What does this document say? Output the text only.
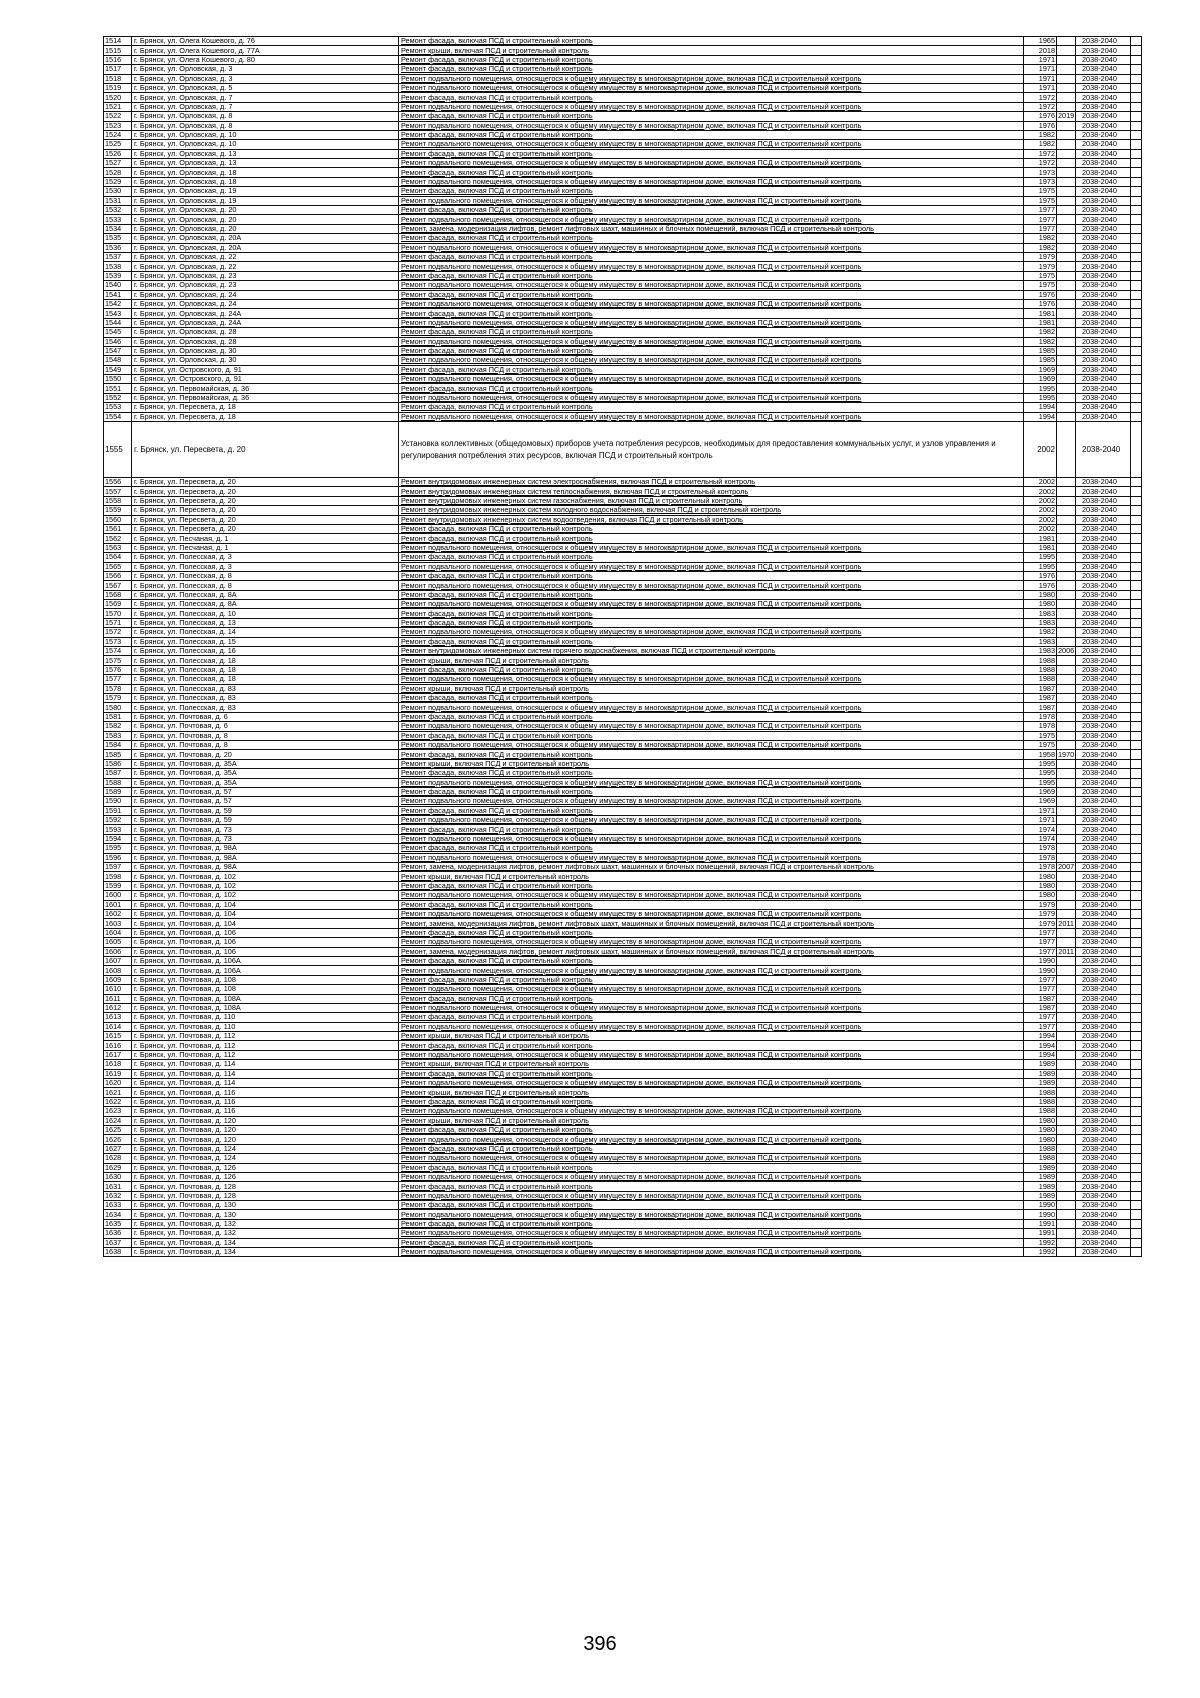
1514	г. Брянск, ул. Олега Кошевого, д. 76	Ремонт фасада, включая ПСД и строительный контроль	1965		2038-2040	
1515	г. Брянск, ул. Олега Кошевого, д. 77А	Ремонт крыши, включая ПСД и строительный контроль	2018		2038-2040	
1516	г. Брянск, ул. Олега Кошевого, д. 80	Ремонт фасада, включая ПСД и строительный контроль	1971		2038-2040	
1517	г. Брянск, ул. Орловская, д. 3	Ремонт фасада, включая ПСД и строительный контроль	1971		2038-2040	
1518	г. Брянск, ул. Орловская, д. 3	Ремонт подвального помещения, относящегося к общему имуществу в многоквартирном доме, включая ПСД и строительный контроль	1971		2038-2040	
1519	г. Брянск, ул. Орловская, д. 5	Ремонт подвального помещения, относящегося к общему имуществу в многоквартирном доме, включая ПСД и строительный контроль	1971		2038-2040	
1520	г. Брянск, ул. Орловская, д. 7	Ремонт фасада, включая ПСД и строительный контроль	1972		2038-2040	
1521	г. Брянск, ул. Орловская, д. 7	Ремонт подвального помещения, относящегося к общему имуществу в многоквартирном доме, включая ПСД и строительный контроль	1972		2038-2040	
1522	г. Брянск, ул. Орловская, д. 8	Ремонт фасада, включая ПСД и строительный контроль	1976	2019	2038-2040	
1523	г. Брянск, ул. Орловская, д. 8	Ремонт подвального помещения, относящегося к общему имуществу в многоквартирном доме, включая ПСД и строительный контроль	1976		2038-2040	
1524	г. Брянск, ул. Орловская, д. 10	Ремонт фасада, включая ПСД и строительный контроль	1982		2038-2040	
1525	г. Брянск, ул. Орловская, д. 10	Ремонт подвального помещения, относящегося к общему имуществу в многоквартирном доме, включая ПСД и строительный контроль	1982		2038-2040	
1526	г. Брянск, ул. Орловская, д. 13	Ремонт фасада, включая ПСД и строительный контроль	1972		2038-2040	
1527	г. Брянск, ул. Орловская, д. 13	Ремонт подвального помещения, относящегося к общему имуществу в многоквартирном доме, включая ПСД и строительный контроль	1972		2038-2040	
1528	г. Брянск, ул. Орловская, д. 18	Ремонт фасада, включая ПСД и строительный контроль	1973		2038-2040	
1529	г. Брянск, ул. Орловская, д. 18	Ремонт подвального помещения, относящегося к общему имуществу в многоквартирном доме, включая ПСД и строительный контроль	1973		2038-2040	
1530	г. Брянск, ул. Орловская, д. 19	Ремонт фасада, включая ПСД и строительный контроль	1975		2038-2040	
1531	г. Брянск, ул. Орловская, д. 19	Ремонт подвального помещения, относящегося к общему имуществу в многоквартирном доме, включая ПСД и строительный контроль	1975		2038-2040	
1532	г. Брянск, ул. Орловская, д. 20	Ремонт фасада, включая ПСД и строительный контроль	1977		2038-2040	
1533	г. Брянск, ул. Орловская, д. 20	Ремонт подвального помещения, относящегося к общему имуществу в многоквартирном доме, включая ПСД и строительный контроль	1977		2038-2040	
1534	г. Брянск, ул. Орловская, д. 20	Ремонт, замена, модернизация лифтов, ремонт лифтовых шахт, машинных и блочных помещений, включая ПСД и строительный контроль	1977		2038-2040	
1535	г. Брянск, ул. Орловская, д. 20А	Ремонт фасада, включая ПСД и строительный контроль	1982		2038-2040	
1536	г. Брянск, ул. Орловская, д. 20А	Ремонт подвального помещения, относящегося к общему имуществу в многоквартирном доме, включая ПСД и строительный контроль	1982		2038-2040	
1537	г. Брянск, ул. Орловская, д. 22	Ремонт фасада, включая ПСД и строительный контроль	1979		2038-2040	
1538	г. Брянск, ул. Орловская, д. 22	Ремонт подвального помещения, относящегося к общему имуществу в многоквартирном доме, включая ПСД и строительный контроль	1979		2038-2040	
1539	г. Брянск, ул. Орловская, д. 23	Ремонт фасада, включая ПСД и строительный контроль	1975		2038-2040	
1540	г. Брянск, ул. Орловская, д. 23	Ремонт подвального помещения, относящегося к общему имуществу в многоквартирном доме, включая ПСД и строительный контроль	1975		2038-2040	
1541	г. Брянск, ул. Орловская, д. 24	Ремонт фасада, включая ПСД и строительный контроль	1976		2038-2040	
1542	г. Брянск, ул. Орловская, д. 24	Ремонт подвального помещения, относящегося к общему имуществу в многоквартирном доме, включая ПСД и строительный контроль	1976		2038-2040	
1543	г. Брянск, ул. Орловская, д. 24А	Ремонт фасада, включая ПСД и строительный контроль	1981		2038-2040	
1544	г. Брянск, ул. Орловская, д. 24А	Ремонт подвального помещения, относящегося к общему имуществу в многоквартирном доме, включая ПСД и строительный контроль	1981		2038-2040	
1545	г. Брянск, ул. Орловская, д. 28	Ремонт фасада, включая ПСД и строительный контроль	1982		2038-2040	
1546	г. Брянск, ул. Орловская, д. 28	Ремонт подвального помещения, относящегося к общему имуществу в многоквартирном доме, включая ПСД и строительный контроль	1982		2038-2040	
1547	г. Брянск, ул. Орловская, д. 30	Ремонт фасада, включая ПСД и строительный контроль	1985		2038-2040	
1548	г. Брянск, ул. Орловская, д. 30	Ремонт подвального помещения, относящегося к общему имуществу в многоквартирном доме, включая ПСД и строительный контроль	1985		2038-2040	
1549	г. Брянск, ул. Островского, д. 91	Ремонт фасада, включая ПСД и строительный контроль	1969		2038-2040	
1550	г. Брянск, ул. Островского, д. 91	Ремонт подвального помещения, относящегося к общему имуществу в многоквартирном доме, включая ПСД и строительный контроль	1969		2038-2040	
1551	г. Брянск, ул. Первомайская, д. 36	Ремонт фасада, включая ПСД и строительный контроль	1995		2038-2040	
1552	г. Брянск, ул. Первомайская, д. 36	Ремонт подвального помещения, относящегося к общему имуществу в многоквартирном доме, включая ПСД и строительный контроль	1995		2038-2040	
1553	г. Брянск, ул. Пересвета, д. 18	Ремонт фасада, включая ПСД и строительный контроль	1994		2038-2040	
1554	г. Брянск, ул. Пересвета, д. 18	Ремонт подвального помещения, относящегося к общему имуществу в многоквартирном доме, включая ПСД и строительный контроль	1994		2038-2040	
1555	г. Брянск, ул. Пересвета, д. 20	Установка коллективных (общедомовых) приборов учета потребления ресурсов, необходимых для предоставления коммунальных услуг, и узлов управления и регулирования потребления этих ресурсов, включая ПСД и строительный контроль	2002		2038-2040	
1556	г. Брянск, ул. Пересвета, д. 20	Ремонт внутридомовых инженерных систем электроснабжения, включая ПСД и строительный контроль	2002		2038-2040	
1557	г. Брянск, ул. Пересвета, д. 20	Ремонт внутридомовых инженерных систем теплоснабжения, включая ПСД и строительный контроль	2002		2038-2040	
1558	г. Брянск, ул. Пересвета, д. 20	Ремонт внутридомовых инженерных систем газоснабжения, включая ПСД и строительный контроль	2002		2038-2040	
1559	г. Брянск, ул. Пересвета, д. 20	Ремонт внутридомовых инженерных систем холодного водоснабжения, включая ПСД и строительный контроль	2002		2038-2040	
1560	г. Брянск, ул. Пересвета, д. 20	Ремонт внутридомовых инженерных систем водоотведения, включая ПСД и строительный контроль	2002		2038-2040	
1561	г. Брянск, ул. Пересвета, д. 20	Ремонт фасада, включая ПСД и строительный контроль	2002		2038-2040	
1562	г. Брянск, ул. Песчаная, д. 1	Ремонт фасада, включая ПСД и строительный контроль	1981		2038-2040	
1563	г. Брянск, ул. Песчаная, д. 1	Ремонт подвального помещения, относящегося к общему имуществу в многоквартирном доме, включая ПСД и строительный контроль	1981		2038-2040	
1564	г. Брянск, ул. Полесская, д. 3	Ремонт фасада, включая ПСД и строительный контроль	1995		2038-2040	
1565	г. Брянск, ул. Полесская, д. 3	Ремонт подвального помещения, относящегося к общему имуществу в многоквартирном доме, включая ПСД и строительный контроль	1995		2038-2040	
1566	г. Брянск, ул. Полесская, д. 8	Ремонт фасада, включая ПСД и строительный контроль	1976		2038-2040	
1567	г. Брянск, ул. Полесская, д. 8	Ремонт подвального помещения, относящегося к общему имуществу в многоквартирном доме, включая ПСД и строительный контроль	1976		2038-2040	
1568	г. Брянск, ул. Полесская, д. 8А	Ремонт фасада, включая ПСД и строительный контроль	1980		2038-2040	
1569	г. Брянск, ул. Полесская, д. 8А	Ремонт подвального помещения, относящегося к общему имуществу в многоквартирном доме, включая ПСД и строительный контроль	1980		2038-2040	
1570	г. Брянск, ул. Полесская, д. 10	Ремонт фасада, включая ПСД и строительный контроль	1983		2038-2040	
1571	г. Брянск, ул. Полесская, д. 13	Ремонт фасада, включая ПСД и строительный контроль	1983		2038-2040	
1572	г. Брянск, ул. Полесская, д. 14	Ремонт подвального помещения, относящегося к общему имуществу в многоквартирном доме, включая ПСД и строительный контроль	1982		2038-2040	
1573	г. Брянск, ул. Полесская, д. 15	Ремонт фасада, включая ПСД и строительный контроль	1983		2038-2040	
1574	г. Брянск, ул. Полесская, д. 16	Ремонт внутридомовых инженерных систем горячего водоснабжения, включая ПСД и строительный контроль	1983	2006	2038-2040	
1575	г. Брянск, ул. Полесская, д. 18	Ремонт крыши, включая ПСД и строительный контроль	1988		2038-2040	
1576	г. Брянск, ул. Полесская, д. 18	Ремонт фасада, включая ПСД и строительный контроль	1988		2038-2040	
1577	г. Брянск, ул. Полесская, д. 18	Ремонт подвального помещения, относящегося к общему имуществу в многоквартирном доме, включая ПСД и строительный контроль	1988		2038-2040	
1578	г. Брянск, ул. Полесская, д. 83	Ремонт крыши, включая ПСД и строительный контроль	1987		2038-2040	
1579	г. Брянск, ул. Полесская, д. 83	Ремонт фасада, включая ПСД и строительный контроль	1987		2038-2040	
1580	г. Брянск, ул. Полесская, д. 83	Ремонт подвального помещения, относящегося к общему имуществу в многоквартирном доме, включая ПСД и строительный контроль	1987		2038-2040	
1581	г. Брянск, ул. Почтовая, д. 6	Ремонт фасада, включая ПСД и строительный контроль	1978		2038-2040	
1582	г. Брянск, ул. Почтовая, д. 6	Ремонт подвального помещения, относящегося к общему имуществу в многоквартирном доме, включая ПСД и строительный контроль	1978		2038-2040	
1583	г. Брянск, ул. Почтовая, д. 8	Ремонт фасада, включая ПСД и строительный контроль	1975		2038-2040	
1584	г. Брянск, ул. Почтовая, д. 8	Ремонт подвального помещения, относящегося к общему имуществу в многоквартирном доме, включая ПСД и строительный контроль	1975		2038-2040	
1585	г. Брянск, ул. Почтовая, д. 20	Ремонт фасада, включая ПСД и строительный контроль	1958	1970	2038-2040	
1586	г. Брянск, ул. Почтовая, д. 35А	Ремонт крыши, включая ПСД и строительный контроль	1995		2038-2040	
1587	г. Брянск, ул. Почтовая, д. 35А	Ремонт фасада, включая ПСД и строительный контроль	1995		2038-2040	
1588	г. Брянск, ул. Почтовая, д. 35А	Ремонт подвального помещения, относящегося к общему имуществу в многоквартирном доме, включая ПСД и строительный контроль	1995		2038-2040	
1589	г. Брянск, ул. Почтовая, д. 57	Ремонт фасада, включая ПСД и строительный контроль	1969		2038-2040	
1590	г. Брянск, ул. Почтовая, д. 57	Ремонт подвального помещения, относящегося к общему имуществу в многоквартирном доме, включая ПСД и строительный контроль	1969		2038-2040	
1591	г. Брянск, ул. Почтовая, д. 59	Ремонт фасада, включая ПСД и строительный контроль	1971		2038-2040	
1592	г. Брянск, ул. Почтовая, д. 59	Ремонт подвального помещения, относящегося к общему имуществу в многоквартирном доме, включая ПСД и строительный контроль	1971		2038-2040	
1593	г. Брянск, ул. Почтовая, д. 73	Ремонт фасада, включая ПСД и строительный контроль	1974		2038-2040	
1594	г. Брянск, ул. Почтовая, д. 73	Ремонт подвального помещения, относящегося к общему имуществу в многоквартирном доме, включая ПСД и строительный контроль	1974		2038-2040	
1595	г. Брянск, ул. Почтовая, д. 98А	Ремонт фасада, включая ПСД и строительный контроль	1978		2038-2040	
1596	г. Брянск, ул. Почтовая, д. 98А	Ремонт подвального помещения, относящегося к общему имуществу в многоквартирном доме, включая ПСД и строительный контроль	1978		2038-2040	
1597	г. Брянск, ул. Почтовая, д. 98А	Ремонт, замена, модернизация лифтов, ремонт лифтовых шахт, машинных и блочных помещений, включая ПСД и строительный контроль	1978	2007	2038-2040	
1598	г. Брянск, ул. Почтовая, д. 102	Ремонт крыши, включая ПСД и строительный контроль	1980		2038-2040	
1599	г. Брянск, ул. Почтовая, д. 102	Ремонт фасада, включая ПСД и строительный контроль	1980		2038-2040	
1600	г. Брянск, ул. Почтовая, д. 102	Ремонт подвального помещения, относящегося к общему имуществу в многоквартирном доме, включая ПСД и строительный контроль	1980		2038-2040	
1601	г. Брянск, ул. Почтовая, д. 104	Ремонт фасада, включая ПСД и строительный контроль	1979		2038-2040	
1602	г. Брянск, ул. Почтовая, д. 104	Ремонт подвального помещения, относящегося к общему имуществу в многоквартирном доме, включая ПСД и строительный контроль	1979		2038-2040	
1603	г. Брянск, ул. Почтовая, д. 104	Ремонт, замена, модернизация лифтов, ремонт лифтовых шахт, машинных и блочных помещений, включая ПСД и строительный контроль	1979	2011	2038-2040	
1604	г. Брянск, ул. Почтовая, д. 106	Ремонт фасада, включая ПСД и строительный контроль	1977		2038-2040	
1605	г. Брянск, ул. Почтовая, д. 106	Ремонт подвального помещения, относящегося к общему имуществу в многоквартирном доме, включая ПСД и строительный контроль	1977		2038-2040	
1606	г. Брянск, ул. Почтовая, д. 106	Ремонт, замена, модернизация лифтов, ремонт лифтовых шахт, машинных и блочных помещений, включая ПСД и строительный контроль	1977	2011	2038-2040	
1607	г. Брянск, ул. Почтовая, д. 106А	Ремонт фасада, включая ПСД и строительный контроль	1990		2038-2040	
1608	г. Брянск, ул. Почтовая, д. 106А	Ремонт подвального помещения, относящегося к общему имуществу в многоквартирном доме, включая ПСД и строительный контроль	1990		2038-2040	
1609	г. Брянск, ул. Почтовая, д. 108	Ремонт фасада, включая ПСД и строительный контроль	1977		2038-2040	
1610	г. Брянск, ул. Почтовая, д. 108	Ремонт подвального помещения, относящегося к общему имуществу в многоквартирном доме, включая ПСД и строительный контроль	1977		2038-2040	
1611	г. Брянск, ул. Почтовая, д. 108А	Ремонт фасада, включая ПСД и строительный контроль	1987		2038-2040	
1612	г. Брянск, ул. Почтовая, д. 108А	Ремонт подвального помещения, относящегося к общему имуществу в многоквартирном доме, включая ПСД и строительный контроль	1987		2038-2040	
1613	г. Брянск, ул. Почтовая, д. 110	Ремонт фасада, включая ПСД и строительный контроль	1977		2038-2040	
1614	г. Брянск, ул. Почтовая, д. 110	Ремонт подвального помещения, относящегося к общему имуществу в многоквартирном доме, включая ПСД и строительный контроль	1977		2038-2040	
1615	г. Брянск, ул. Почтовая, д. 112	Ремонт крыши, включая ПСД и строительный контроль	1994		2038-2040	
1616	г. Брянск, ул. Почтовая, д. 112	Ремонт фасада, включая ПСД и строительный контроль	1994		2038-2040	
1617	г. Брянск, ул. Почтовая, д. 112	Ремонт подвального помещения, относящегося к общему имуществу в многоквартирном доме, включая ПСД и строительный контроль	1994		2038-2040	
1618	г. Брянск, ул. Почтовая, д. 114	Ремонт крыши, включая ПСД и строительный контроль	1989		2038-2040	
1619	г. Брянск, ул. Почтовая, д. 114	Ремонт фасада, включая ПСД и строительный контроль	1989		2038-2040	
1620	г. Брянск, ул. Почтовая, д. 114	Ремонт подвального помещения, относящегося к общему имуществу в многоквартирном доме, включая ПСД и строительный контроль	1989		2038-2040	
1621	г. Брянск, ул. Почтовая, д. 116	Ремонт крыши, включая ПСД и строительный контроль	1988		2038-2040	
1622	г. Брянск, ул. Почтовая, д. 116	Ремонт фасада, включая ПСД и строительный контроль	1988		2038-2040	
1623	г. Брянск, ул. Почтовая, д. 116	Ремонт подвального помещения, относящегося к общему имуществу в многоквартирном доме, включая ПСД и строительный контроль	1988		2038-2040	
1624	г. Брянск, ул. Почтовая, д. 120	Ремонт крыши, включая ПСД и строительный контроль	1980		2038-2040	
1625	г. Брянск, ул. Почтовая, д. 120	Ремонт фасада, включая ПСД и строительный контроль	1980		2038-2040	
1626	г. Брянск, ул. Почтовая, д. 120	Ремонт подвального помещения, относящегося к общему имуществу в многоквартирном доме, включая ПСД и строительный контроль	1980		2038-2040	
1627	г. Брянск, ул. Почтовая, д. 124	Ремонт фасада, включая ПСД и строительный контроль	1988		2038-2040	
1628	г. Брянск, ул. Почтовая, д. 124	Ремонт подвального помещения, относящегося к общему имуществу в многоквартирном доме, включая ПСД и строительный контроль	1988		2038-2040	
1629	г. Брянск, ул. Почтовая, д. 126	Ремонт фасада, включая ПСД и строительный контроль	1989		2038-2040	
1630	г. Брянск, ул. Почтовая, д. 126	Ремонт подвального помещения, относящегося к общему имуществу в многоквартирном доме, включая ПСД и строительный контроль	1989		2038-2040	
1631	г. Брянск, ул. Почтовая, д. 128	Ремонт фасада, включая ПСД и строительный контроль	1989		2038-2040	
1632	г. Брянск, ул. Почтовая, д. 128	Ремонт подвального помещения, относящегося к общему имуществу в многоквартирном доме, включая ПСД и строительный контроль	1989		2038-2040	
1633	г. Брянск, ул. Почтовая, д. 130	Ремонт фасада, включая ПСД и строительный контроль	1990		2038-2040	
1634	г. Брянск, ул. Почтовая, д. 130	Ремонт подвального помещения, относящегося к общему имуществу в многоквартирном доме, включая ПСД и строительный контроль	1990		2038-2040	
1635	г. Брянск, ул. Почтовая, д. 132	Ремонт фасада, включая ПСД и строительный контроль	1991		2038-2040	
1636	г. Брянск, ул. Почтовая, д. 132	Ремонт подвального помещения, относящегося к общему имуществу в многоквартирном доме, включая ПСД и строительный контроль	1991		2038-2040	
1637	г. Брянск, ул. Почтовая, д. 134	Ремонт фасада, включая ПСД и строительный контроль	1992		2038-2040	
1638	г. Брянск, ул. Почтовая, д. 134	Ремонт подвального помещения, относящегося к общему имуществу в многоквартирном доме, включая ПСД и строительный контроль	1992		2038-2040	
396
